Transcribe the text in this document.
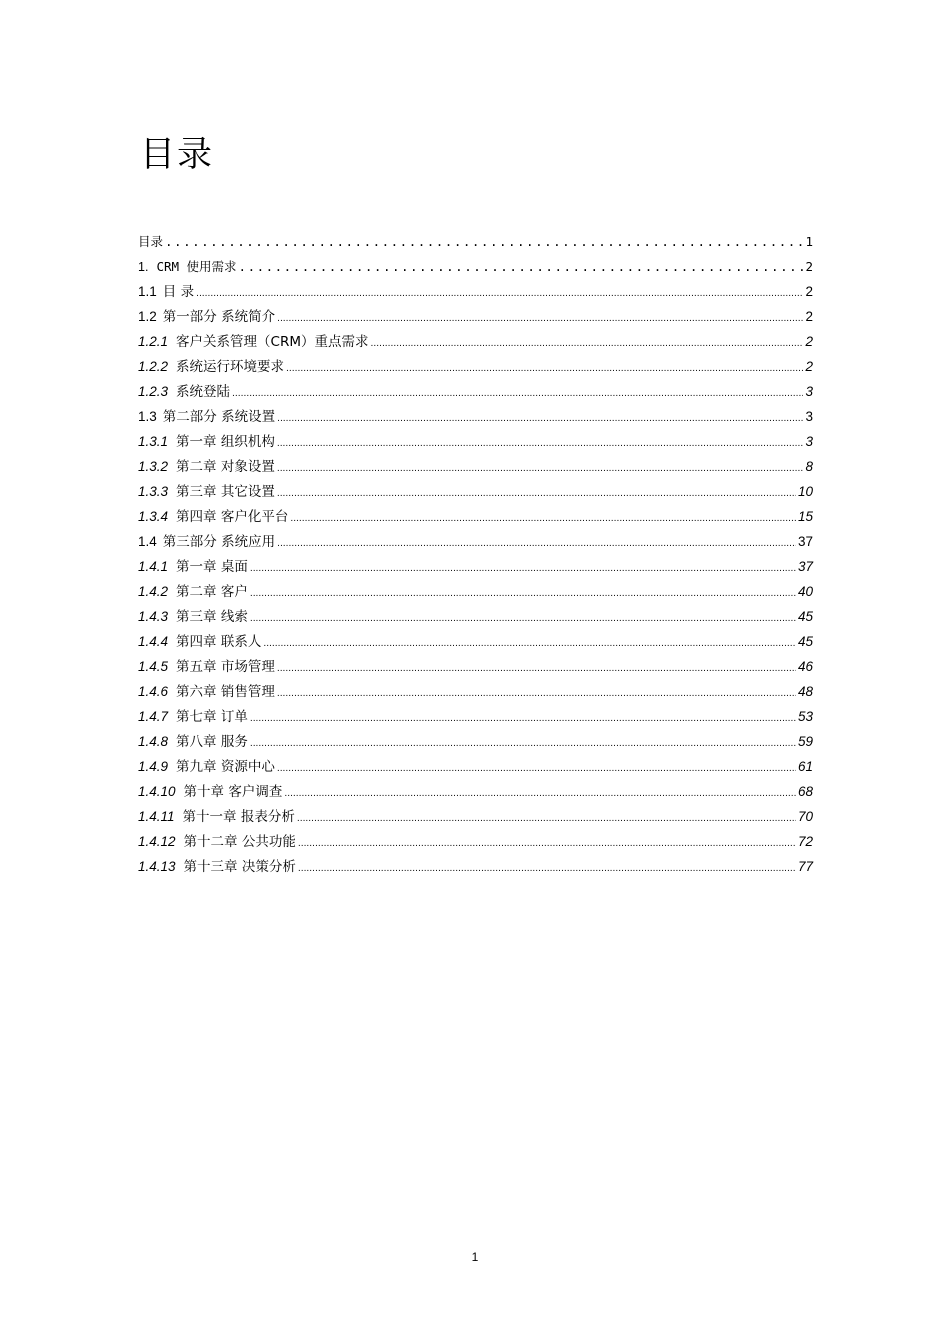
目录
目录 .....	1
1. CRM 使用需求 .....	2
1.1 目 录 .....	2
1.2 第一部分 系统简介 .....	2
1.2.1 客户关系管理（CRM）重点需求 .....	2
1.2.2 系统运行环境要求 .....	2
1.2.3 系统登陆 .....	3
1.3 第二部分 系统设置 .....	3
1.3.1 第一章 组织机构 .....	3
1.3.2 第二章 对象设置 .....	8
1.3.3 第三章 其它设置 .....	10
1.3.4 第四章 客户化平台 .....	15
1.4 第三部分 系统应用 .....	37
1.4.1 第一章 桌面 .....	37
1.4.2 第二章 客户 .....	40
1.4.3 第三章 线索 .....	45
1.4.4 第四章 联系人 .....	45
1.4.5 第五章 市场管理 .....	46
1.4.6 第六章 销售管理 .....	48
1.4.7 第七章 订单 .....	53
1.4.8 第八章 服务 .....	59
1.4.9 第九章 资源中心 .....	61
1.4.10 第十章 客户调查 .....	68
1.4.11 第十一章 报表分析 .....	70
1.4.12 第十二章 公共功能 .....	72
1.4.13 第十三章 决策分析 .....	77
1
